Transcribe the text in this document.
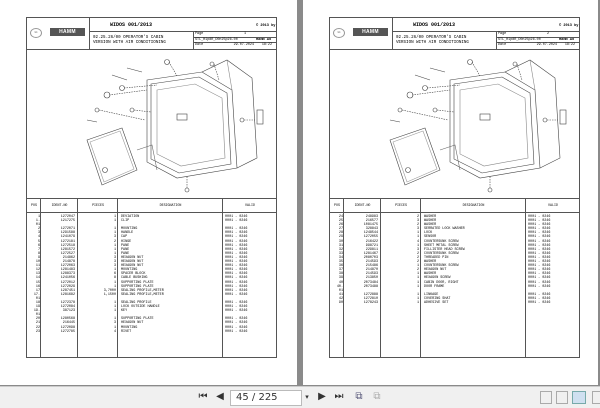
WG	HAMM
WIDOS 001/2013	© 2013 by Hamm AG
02.25.26/00 OPERATOR'S CABIN
VERSION WITH AIR CONDITIONING
Page	1
STL_H1p8R_D0n25p26-00
Date	29.07.2024 18:22
POS	IDENT-NO	PIECES	DESIGNATION	VALID
1	1272047	1 DEVIATION	0001 - 0246
1.	1217275	1 CLIP	0001 - 0246
01
2	1272071	1 MOUNTING	0001 - 0246
3	1291588	1 HANDLE	0001 - 0246
4	1241079	3 CAP	0001 - 0246
5	1272181	2 HINGE	0001 - 0246
6	1272518	1 PANE	0001 - 0246
7	1281572	1 PANE	0001 - 0246
8	1272527	1 PANE	0001 - 0246
9	214862	3 HEXAGON NUT	0001 - 0246
10	214878	3 HEXAGON NUT	0001 - 0246
11	1272063	3 HEXAGON NUT	0001 - 0246
12	1281483	1 MOUNTING	0001 - 0246
13	1288373	6 SPACER BLOCK	0001 - 0246
14	1241056	8 CABLE BUSHING	0001 - 0246
15	1272012	1 SUPPORTING PLATE	0001 - 0246
16	1272029	1 SUPPORTING PLATE	0001 - 0246
17	1287451	3,7000 SEALING PROFILE,METER	0001 - 0246
17.	1281682	1,1500 SEALING PROFILE,METER	0001 - 0246
01
18	1272378	1 SEALING PROFILE	0001 - 0246
19	1272084	1 LOCK OUTSIDE HANDLE	0001 - 0246
19.	387123	1 KEY	0001 - 0246
01
20	1280568	1 SUPPORTING PLATE	0001 - 0246
21	216445	3 HEXAGON NUT	0001 - 0246
22	1272098	1 MOUNTING	0001 - 0246
23	1272785	4 RIVET	0001 - 0246
WG	HAMM
WIDOS 001/2013	© 2013 by Hamm AG
02.25.26/00 OPERATOR'S CABIN
VERSION WITH AIR CONDITIONING
Page	2
STL_H1p8R_D0n25p26-00
Date	29.07.2024 18:22
POS	IDENT-NO	PIECES	DESIGNATION	VALID
24	248983	2 WASHER	0001 - 0246
25	216577	3 WASHER	0001 - 0246
26	1081475	2 WASHER	0001 - 0246
27	328843	3 SERRATED LOCK WASHER	0001 - 0246
28	1248544	1 LOCK	0001 - 0246
29	1272055	1 SENSOR	0001 - 0246
30	216422	4 COUNTERSUNK SCREW	0001 - 0246
31	998721	1 SHEET METAL SCREW	0001 - 0246
32	229811	3 FILLISTER HEAD SCREW	0001 - 0246
33	1281467	2 COUNTERSUNK SCREW	0001 - 0246
34	2080703	2 THREADED PIN	0001 - 0246
35	214593	2 WASHER	0001 - 0246
36	215486	1 COUNTERSUNK SCREW	0001 - 0246
37	214870	2 HEXAGON NUT	0001 - 0246
38	214593	1 WASHER	0001 - 0246
39	213850	1 HEXAGON SCREW	0001 - 0246
40	2073484	1 CABIN DOOR, RIGHT	0001 - 0246
40.	2073488	1 DOOR FRAME	0001 - 0246
01
41	1272888	1 LINKAGE	0001 - 0246
42	1272810	1 COVERING SHAT	0001 - 0246
90	1278243	1 ADHESIVE SET	0001 - 0246
⏮ ◀	45 / 225	▾ ▶ ⏭	⧉	⧉
